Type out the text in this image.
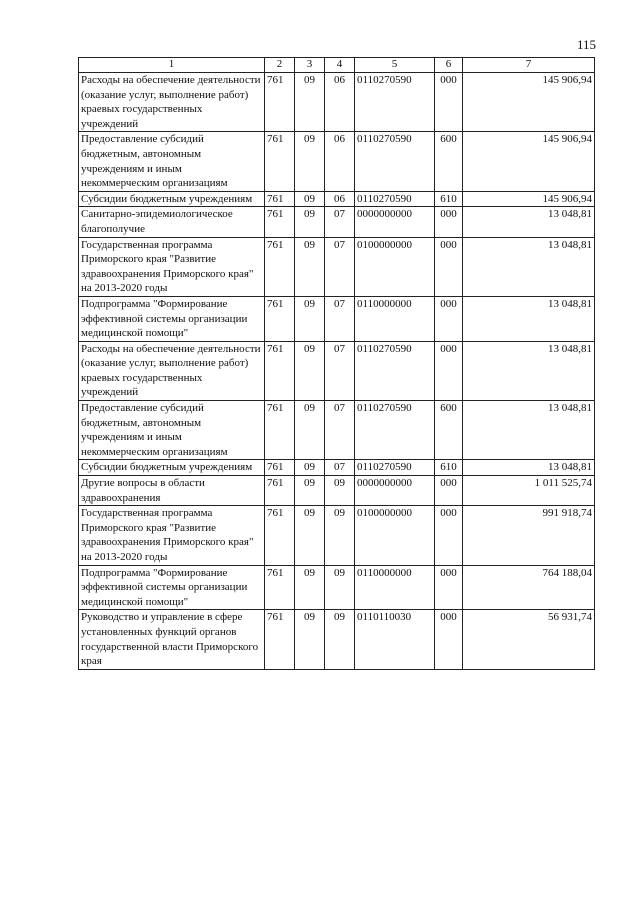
115
1	2	3	4	5	6	7
Расходы на обеспечение деятельности (оказание услуг, выполнение работ) краевых государственных учреждений	761	09	06	0110270590	000	145 906,94
Предоставление субсидий бюджетным, автономным учреждениям и иным некоммерческим организациям	761	09	06	0110270590	600	145 906,94
Субсидии бюджетным учреждениям	761	09	06	0110270590	610	145 906,94
Санитарно-эпидемиологическое благополучие	761	09	07	0000000000	000	13 048,81
Государственная программа Приморского края "Развитие здравоохранения Приморского края" на 2013-2020 годы	761	09	07	0100000000	000	13 048,81
Подпрограмма "Формирование эффективной системы организации медицинской помощи"	761	09	07	0110000000	000	13 048,81
Расходы на обеспечение деятельности (оказание услуг, выполнение работ) краевых государственных учреждений	761	09	07	0110270590	000	13 048,81
Предоставление субсидий бюджетным, автономным учреждениям и иным некоммерческим организациям	761	09	07	0110270590	600	13 048,81
Субсидии бюджетным учреждениям	761	09	07	0110270590	610	13 048,81
Другие вопросы в области здравоохранения	761	09	09	0000000000	000	1 011 525,74
Государственная программа Приморского края "Развитие здравоохранения Приморского края" на 2013-2020 годы	761	09	09	0100000000	000	991 918,74
Подпрограмма "Формирование эффективной системы организации медицинской помощи"	761	09	09	0110000000	000	764 188,04
Руководство и управление в сфере установленных функций органов государственной власти Приморского края	761	09	09	0110110030	000	56 931,74
